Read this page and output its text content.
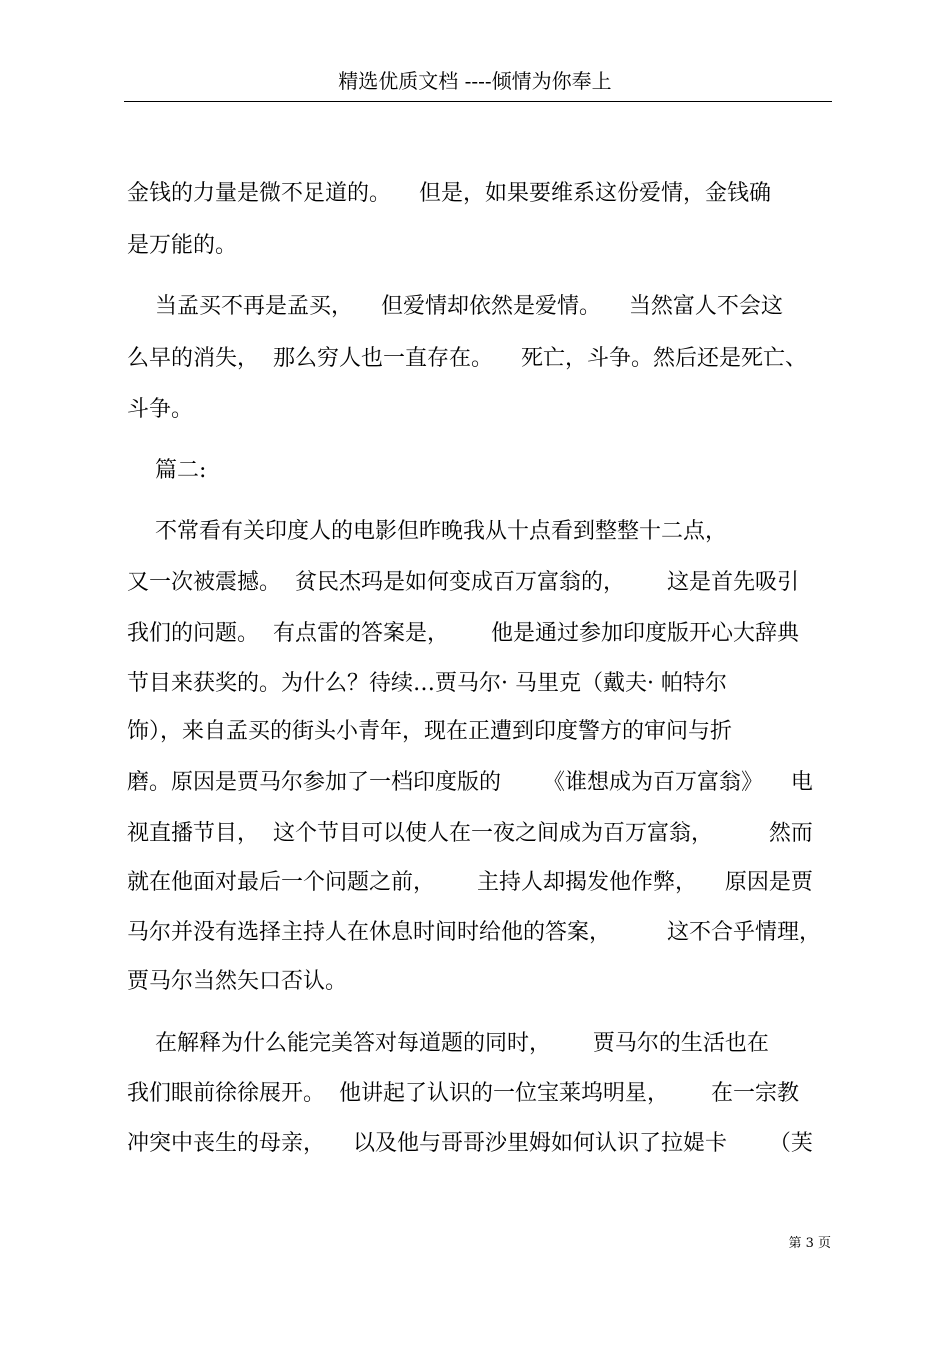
精选优质文档 ----倾情为你奉上
金钱的力量是微不足道的。    但是，如果要维系这份爱情，金钱确
是万能的。
当孟买不再是孟买，    但爱情却依然是爱情。    当然富人不会这
么早的消失，  那么穷人也一直存在。    死亡，斗争。然后还是死亡、
斗争。
篇二:
不常看有关印度人的电影但昨晚我从十点看到整整十二点，
又一次被震撼。  贫民杰玛是如何变成百万富翁的，      这是首先吸引
我们的问题。  有点雷的答案是，      他是通过参加印度版开心大辞典
节目来获奖的。为什么？待续…贾马尔· 马里克（戴夫· 帕特尔
饰），来自孟买的街头小青年，现在正遭到印度警方的审问与折
磨。原因是贾马尔参加了一档印度版的      《谁想成为百万富翁》    电
视直播节目，  这个节目可以使人在一夜之间成为百万富翁，        然而
就在他面对最后一个问题之前，      主持人却揭发他作弊，    原因是贾
马尔并没有选择主持人在休息时间时给他的答案，        这不合乎情理，
贾马尔当然矢口否认。
在解释为什么能完美答对每道题的同时，      贾马尔的生活也在
我们眼前徐徐展开。  他讲起了认识的一位宝莱坞明星，      在一宗教
冲突中丧生的母亲，    以及他与哥哥沙里姆如何认识了拉媞卡      （芙
第 3 页
